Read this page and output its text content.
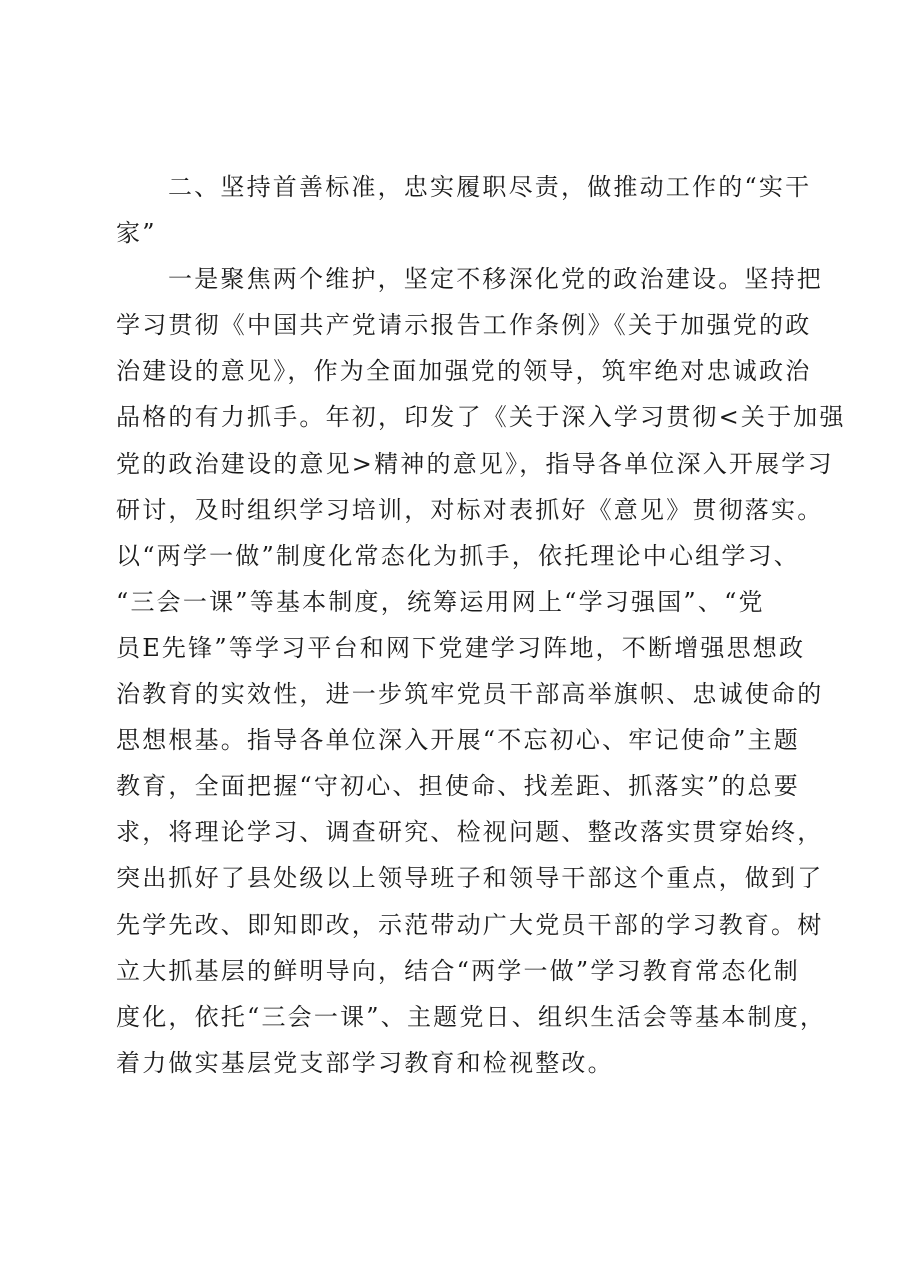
二、坚持首善标准，忠实履职尽责，做推动工作的“实干
家”
一是聚焦两个维护，坚定不移深化党的政治建设。坚持把
学习贯彻《中国共产党请示报告工作条例》《关于加强党的政
治建设的意见》，作为全面加强党的领导，筑牢绝对忠诚政治
品格的有力抓手。年初，印发了《关于深入学习贯彻<关于加强
党的政治建设的意见>精神的意见》，指导各单位深入开展学习
研讨，及时组织学习培训，对标对表抓好《意见》贯彻落实。
以“两学一做”制度化常态化为抓手，依托理论中心组学习、
“三会一课”等基本制度，统筹运用网上“学习强国”、“党
员E先锋”等学习平台和网下党建学习阵地，不断增强思想政
治教育的实效性，进一步筑牢党员干部高举旗帜、忠诚使命的
思想根基。指导各单位深入开展“不忘初心、牢记使命”主题
教育，全面把握“守初心、担使命、找差距、抓落实”的总要
求，将理论学习、调查研究、检视问题、整改落实贯穿始终，
突出抓好了县处级以上领导班子和领导干部这个重点，做到了
先学先改、即知即改，示范带动广大党员干部的学习教育。树
立大抓基层的鲜明导向，结合“两学一做”学习教育常态化制
度化，依托“三会一课”、主题党日、组织生活会等基本制度，
着力做实基层党支部学习教育和检视整改。
